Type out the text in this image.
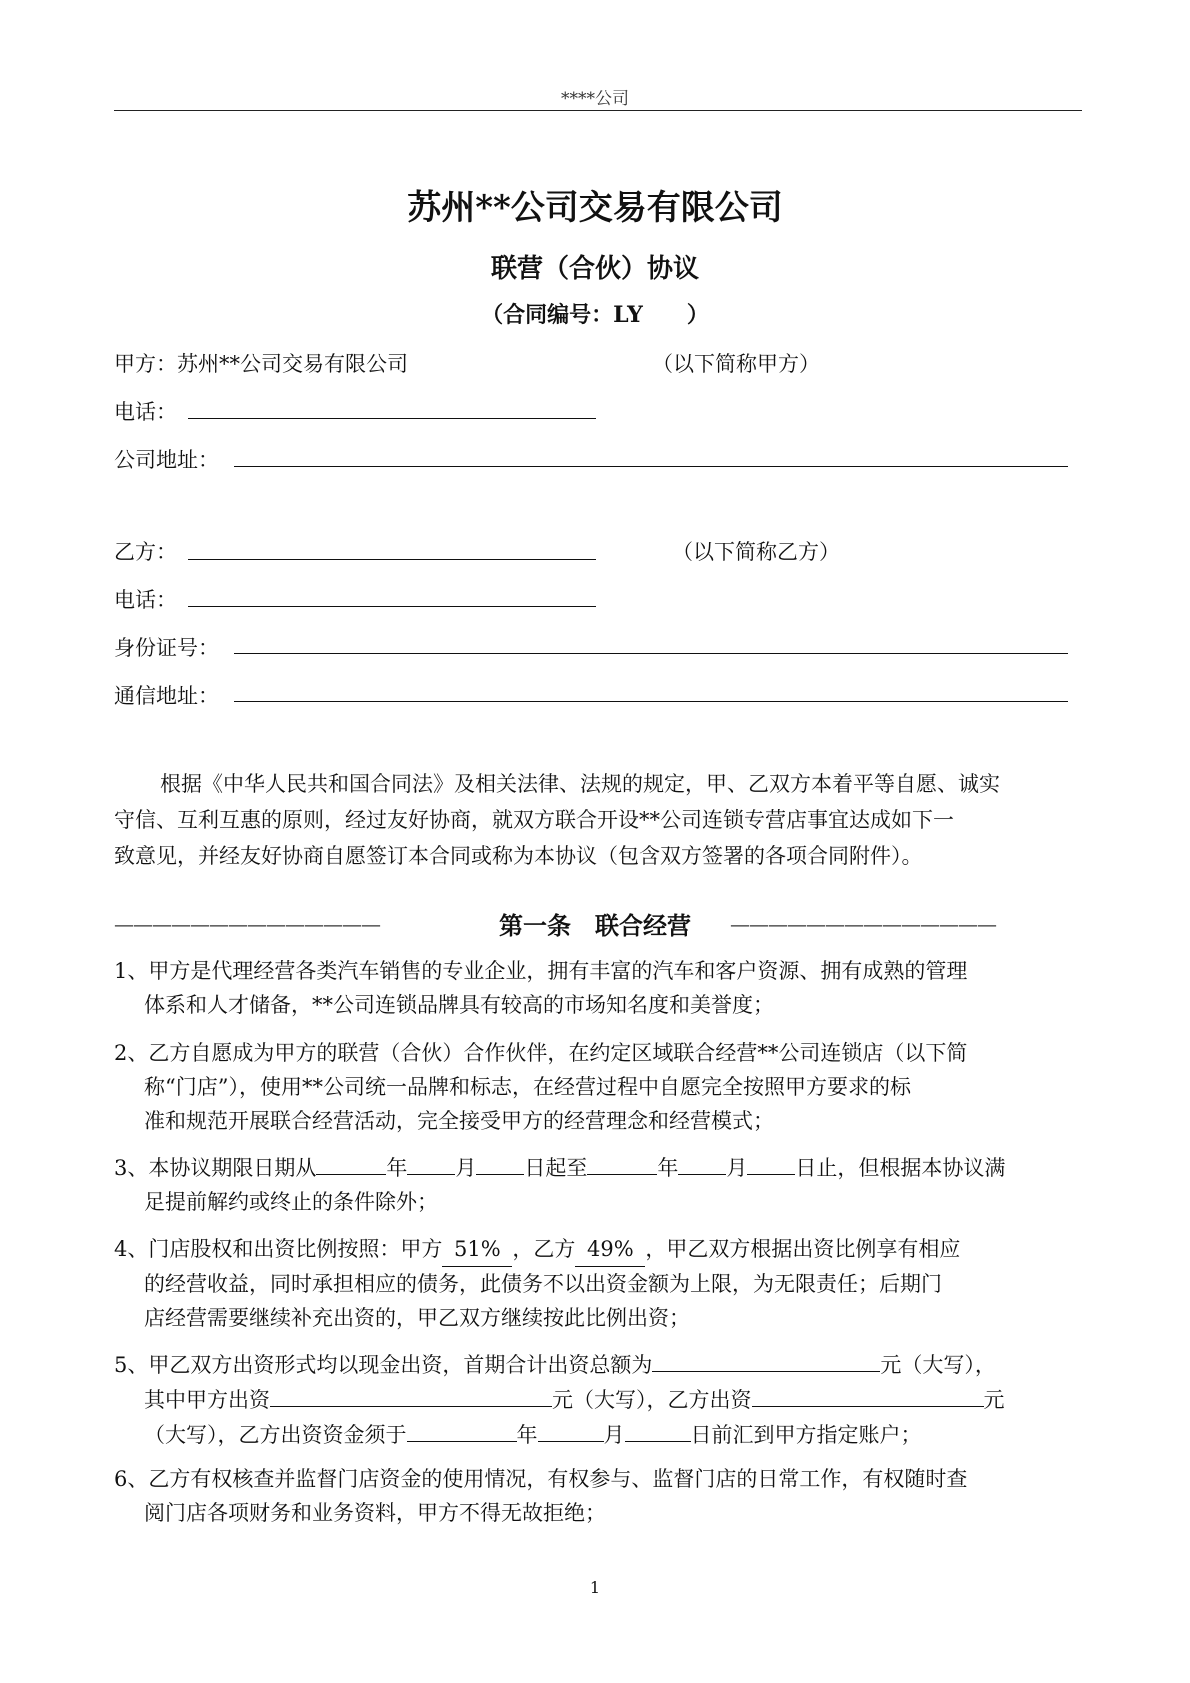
****公司
苏州**公司交易有限公司
联营（合伙）协议
（合同编号：LY　　）
甲方：苏州**公司交易有限公司	（以下简称甲方）
电话：
公司地址：
乙方：	（以下简称乙方）
电话：
身份证号：
通信地址：

根据《中华人民共和国合同法》及相关法律、法规的规定，甲、乙双方本着平等自愿、诚实

守信、互利互惠的原则，经过友好协商，就双方联合开设**公司连锁专营店事宜达成如下一

致意见，并经友好协商自愿签订本合同或称为本协议（包含双方签署的各项合同附件）。

——————————————	第一条　联合经营	——————————————
1、甲方是代理经营各类汽车销售的专业企业，拥有丰富的汽车和客户资源、拥有成熟的管理
体系和人才储备，**公司连锁品牌具有较高的市场知名度和美誉度；
2、乙方自愿成为甲方的联营（合伙）合作伙伴，在约定区域联合经营**公司连锁店（以下简
称“门店”），使用**公司统一品牌和标志，在经营过程中自愿完全按照甲方要求的标
准和规范开展联合经营活动，完全接受甲方的经营理念和经营模式；
3、本协议期限日期从	年 月 日起至	年 月 日止，但根据本协议满
足提前解约或终止的条件除外；
4、门店股权和出资比例按照：甲方 51% ，乙方 49% ，甲乙双方根据出资比例享有相应
的经营收益，同时承担相应的债务，此债务不以出资金额为上限，为无限责任；后期门
店经营需要继续补充出资的，甲乙双方继续按此比例出资；
5、甲乙双方出资形式均以现金出资，首期合计出资总额为	元（大写），
其中甲方出资	元（大写），乙方出资	元
（大写），乙方出资资金须于	年	月	日前汇到甲方指定账户；
6、乙方有权核查并监督门店资金的使用情况，有权参与、监督门店的日常工作，有权随时查
阅门店各项财务和业务资料，甲方不得无故拒绝；
1
